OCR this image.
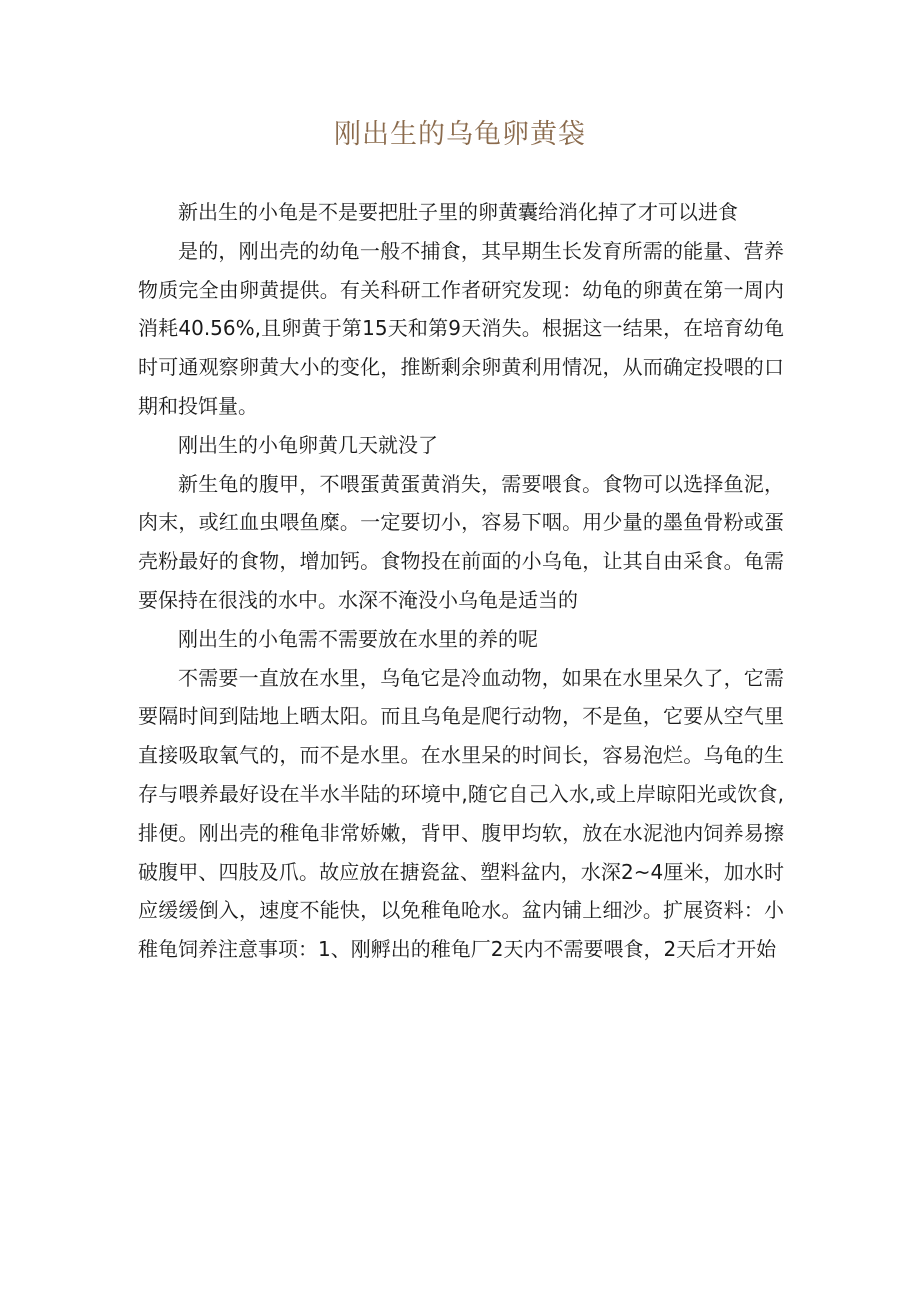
刚出生的乌龟卵黄袋

新出生的小龟是不是要把肚子里的卵黄囊给消化掉了才可以进食

是的，刚出壳的幼龟一般不捕食，其早期生长发育所需的能量、营养物质完全由卵黄提供。有关科研工作者研究发现：幼龟的卵黄在第一周内消耗40.56%,且卵黄于第15天和第9天消失。根据这一结果，在培育幼龟时可通观察卵黄大小的变化，推断剩余卵黄利用情况，从而确定投喂的口期和投饵量。

刚出生的小龟卵黄几天就没了

新生龟的腹甲，不喂蛋黄蛋黄消失，需要喂食。食物可以选择鱼泥，肉末，或红血虫喂鱼糜。一定要切小，容易下咽。用少量的墨鱼骨粉或蛋壳粉最好的食物，增加钙。食物投在前面的小乌龟，让其自由采食。龟需要保持在很浅的水中。水深不淹没小乌龟是适当的

刚出生的小龟需不需要放在水里的养的呢

不需要一直放在水里，乌龟它是冷血动物，如果在水里呆久了，它需要隔时间到陆地上晒太阳。而且乌龟是爬行动物，不是鱼，它要从空气里直接吸取氧气的，而不是水里。在水里呆的时间长，容易泡烂。乌龟的生存与喂养最好设在半水半陆的环境中,随它自己入水,或上岸晾阳光或饮食,排便。刚出壳的稚龟非常娇嫩，背甲、腹甲均软，放在水泥池内饲养易擦破腹甲、四肢及爪。故应放在搪瓷盆、塑料盆内，水深2~4厘米，加水时应缓缓倒入，速度不能快，以免稚龟呛水。盆内铺上细沙。扩展资料：小稚龟饲养注意事项：1、刚孵出的稚龟厂2天内不需要喂食，2天后才开始
